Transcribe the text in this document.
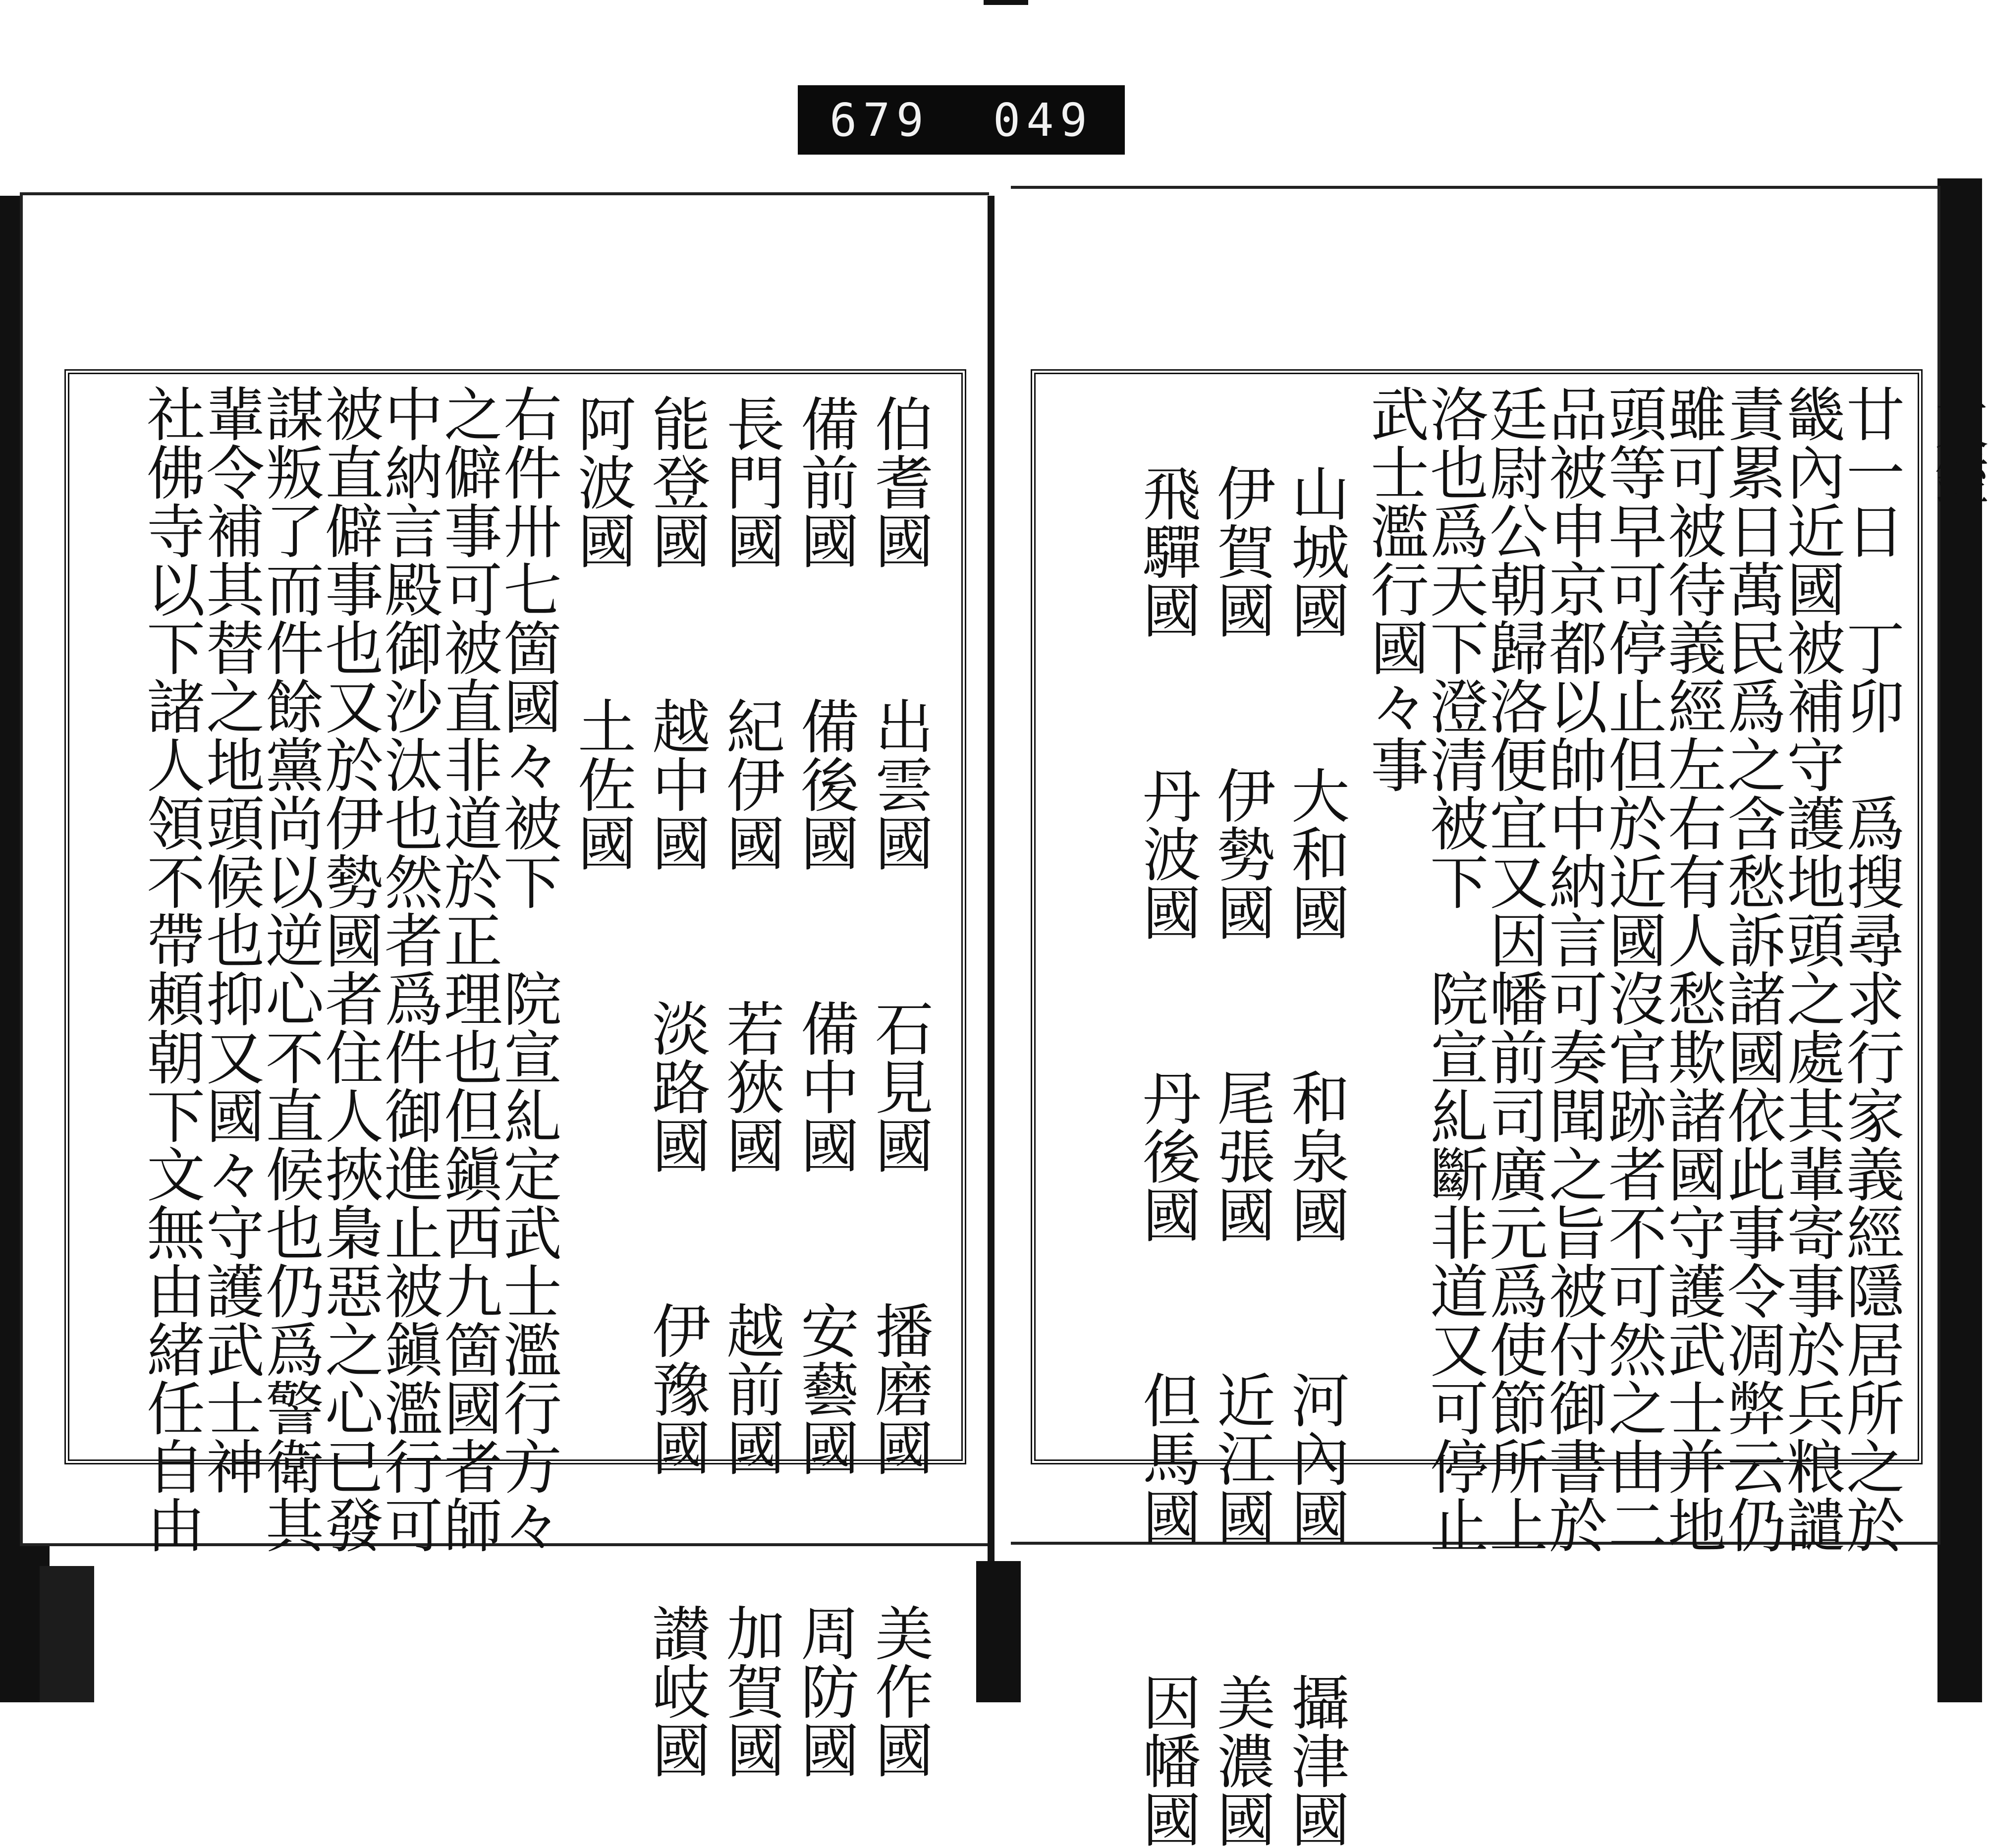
679 049
伯耆國　 出雲國　 石見國　 播磨國　 美作國
備前國　 備後國　 備中國　 安藝國　 周防國
長門國　 紀伊國　 若狹國　 越前國　 加賀國
能登國　 越中國　 淡路國　 伊豫國　 讃岐國
阿波國　 土佐國
右件卅七箇國々被下　院宣糺定武士濫行方々
之僻事可被直非道於正理也但鎭西九箇國者師
中納言殿御沙汰也然者爲件御進止被鎭濫行可
被直僻事也又於伊勢國者住人挾梟惡之心已發
謀叛了而件餘黨尚以逆心不直候也仍爲警衛其
輩令補其替之地頭候也抑又國々守護武士神
社佛寺以下諸人領不帶頼朝下文無由緒任自由	廿一日　丁卯　爲搜尋求行家義經隱居所之於
畿內近國被補守護地頭之處其輩寄事於兵粮譴
責累日萬民爲之含愁訴諸國依此事令凋弊云仍
雖可被待義經左右有人愁欺諸國守護武士并地
頭等早可停止但於近國沒官跡者不可然之由二
品被申京都以帥中納言可奏聞之旨被付御書於
廷尉公朝歸洛便宜又因幡前司廣元爲使節所上
洛也爲天下澄清被下　院宣糺斷非道又可停止
武士濫行國々事
山城國　 大和國　 和泉國　 河內國　 攝津國
伊賀國　 伊勢國　 尾張國　 近江國　 美濃國
飛驒國　 丹波國　 丹後國　 但馬國　 因幡國
東鑑
